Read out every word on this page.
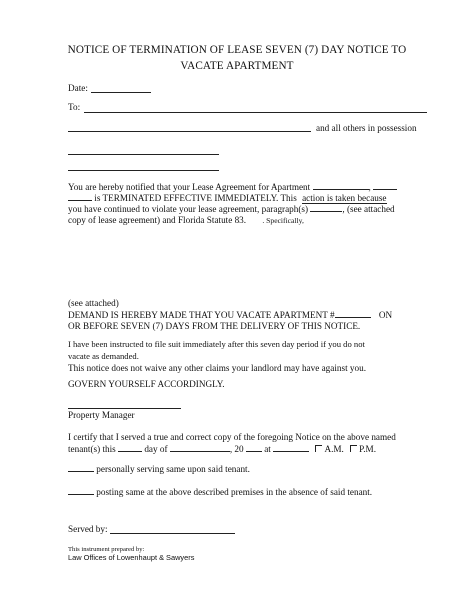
NOTICE OF TERMINATION OF LEASE SEVEN (7) DAY NOTICE TO
VACATE APARTMENT
Date:
To:
and all others in possession
You are hereby notified that your Lease Agreement for Apartment	,
is TERMINATED EFFECTIVE IMMEDIATELY. This action is taken because
you have continued to violate your lease agreement, paragraph(s)	, (see attached
copy of lease agreement) and Florida Statute 83. . Specifically,
(see attached)
DEMAND IS HEREBY MADE THAT YOU VACATE APARTMENT #	ON
OR BEFORE SEVEN (7) DAYS FROM THE DELIVERY OF THIS NOTICE.
I have been instructed to file suit immediately after this seven day period if you do not
vacate as demanded.
This notice does not waive any other claims your landlord may have against you.
GOVERN YOURSELF ACCORDINGLY.
Property Manager
I certify that I served a true and correct copy of the foregoing Notice on the above named
tenant(s) this	day of	, 20 at	A.M. P.M.
personally serving same upon said tenant.
posting same at the above described premises in the absence of said tenant.
Served by:
This instrument prepared by:
Law Offices of Lowenhaupt & Sawyers
